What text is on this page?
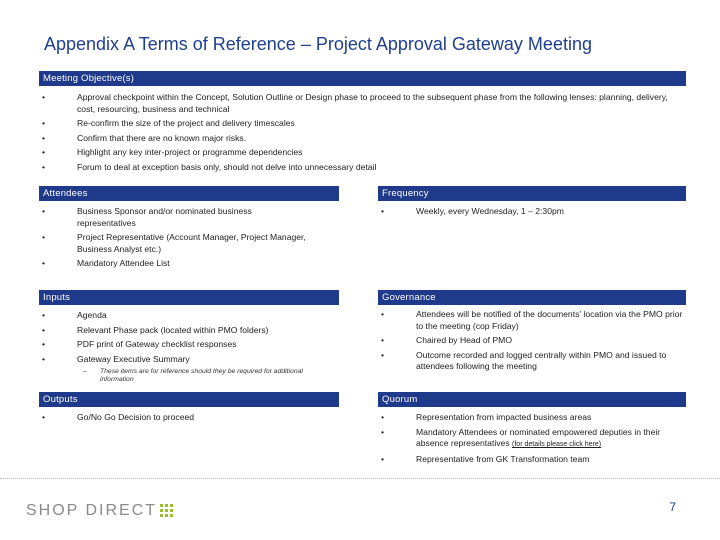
Appendix A Terms of Reference – Project Approval Gateway Meeting
Meeting Objective(s)
•	Approval checkpoint within the Concept, Solution Outline or Design phase to proceed to the subsequent phase from the following lenses: planning, delivery, cost, resourcing, business and technical
•	Re-confirm the size of the project and delivery timescales
•	Confirm that there are no known major risks.
•	Highlight any key inter-project or programme dependencies
•	Forum to deal at exception basis only, should not delve into unnecessary detail
Attendees
•	Business Sponsor and/or nominated business representatives
•	Project Representative (Account Manager, Project Manager, Business Analyst etc.)
•	Mandatory Attendee List
Frequency
•	Weekly, every Wednesday, 1 – 2:30pm
Inputs
•	Agenda
•	Relevant Phase pack (located within PMO folders)
•	PDF print of Gateway checklist responses
•	Gateway Executive Summary
– These items are for reference should they be required for additional information
Governance
•	Attendees will be notified of the documents' location via the PMO prior to the meeting (cop Friday)
•	Chaired by Head of PMO
•	Outcome recorded and logged centrally within PMO and issued to attendees following the meeting
Outputs
•	Go/No Go Decision to proceed
Quorum
•	Representation from impacted business areas
•	Mandatory Attendees or nominated empowered deputies in their absence representatives (for details please click here)
•	Representative from GK Transformation team
SHOP DIRECT	7
